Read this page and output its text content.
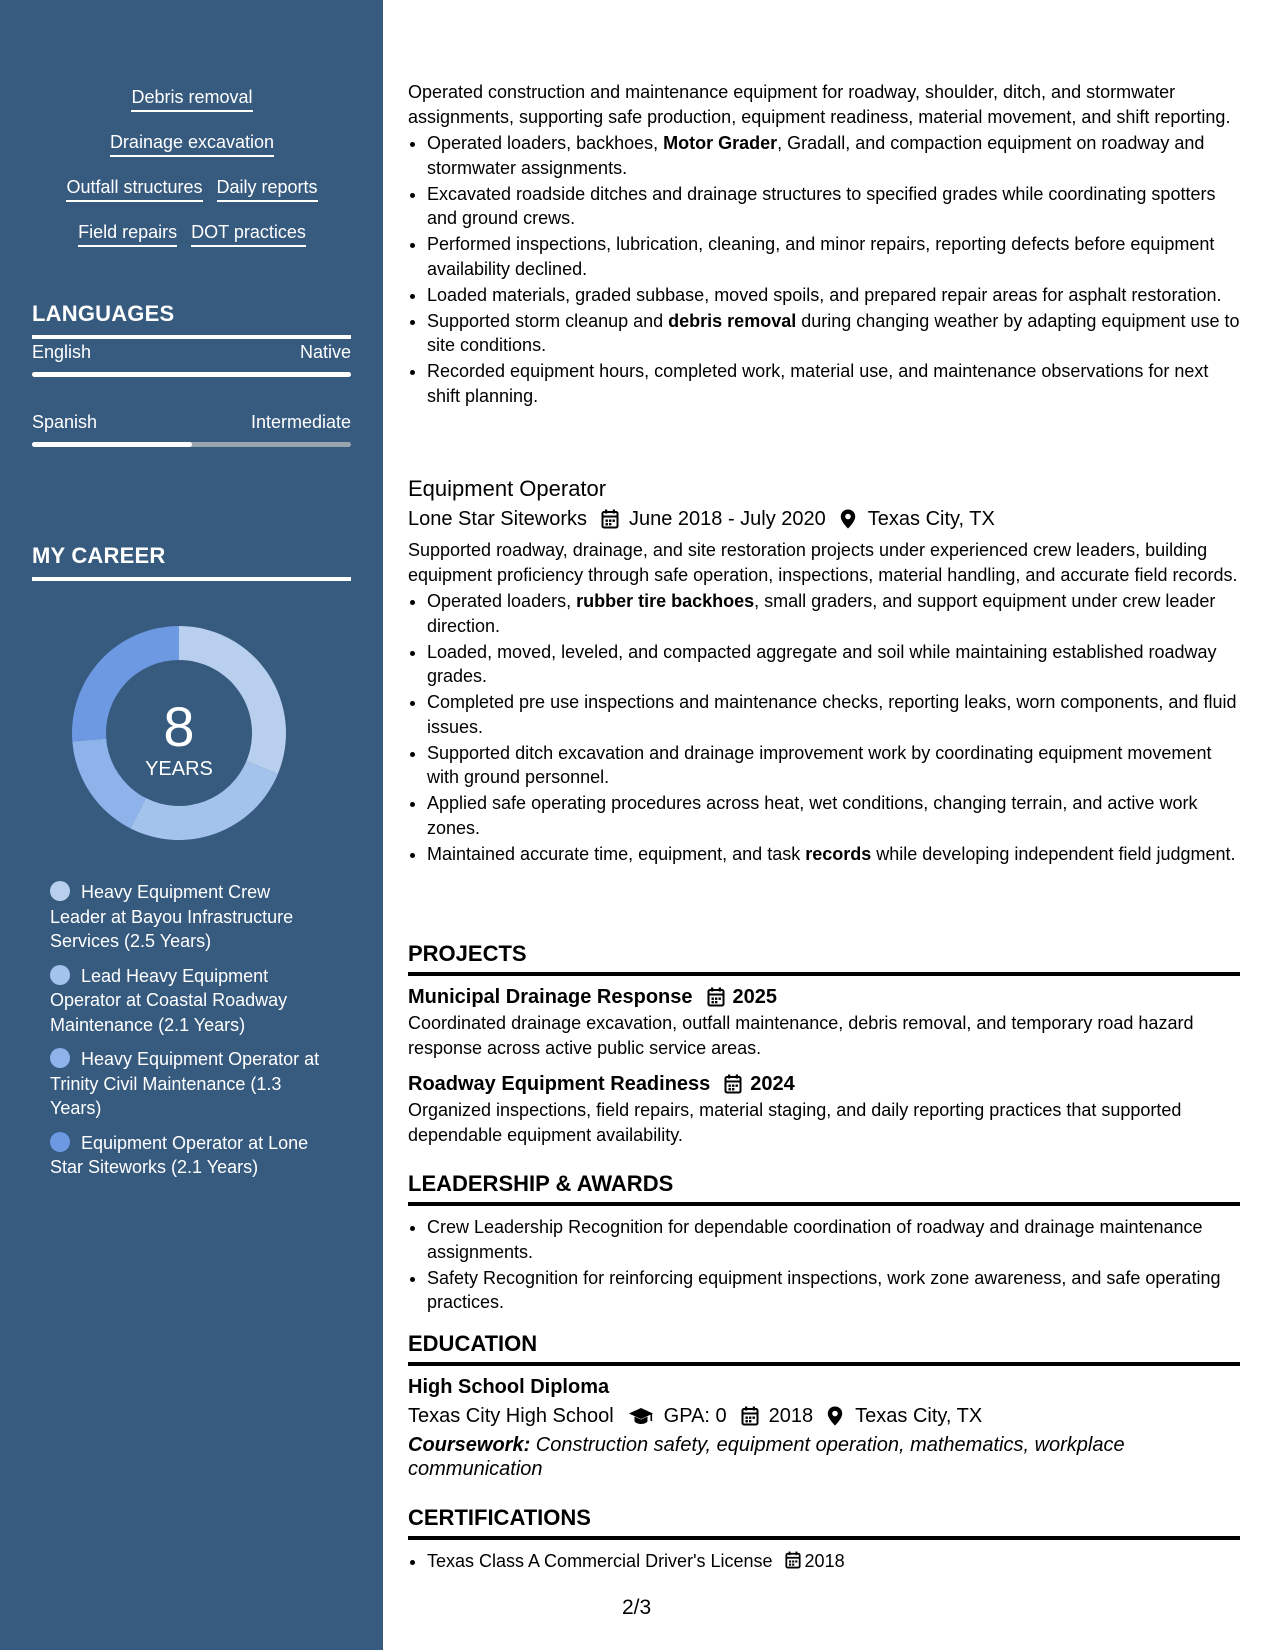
Debris removal
Drainage excavation
Outfall structures Daily reports
Field repairs DOT practices
LANGUAGES
English	Native
Spanish	Intermediate
MY CAREER
8
YEARS
Heavy Equipment Crew Leader at Bayou Infrastructure Services (2.5 Years)
Lead Heavy Equipment Operator at Coastal Roadway Maintenance (2.1 Years)
Heavy Equipment Operator at Trinity Civil Maintenance (1.3 Years)
Equipment Operator at Lone Star Siteworks (2.1 Years)

Operated construction and maintenance equipment for roadway, shoulder, ditch, and stormwater assignments, supporting safe production, equipment readiness, material movement, and shift reporting.

• Operated loaders, backhoes, Motor Grader, Gradall, and compaction equipment on roadway and stormwater assignments.
• Excavated roadside ditches and drainage structures to specified grades while coordinating spotters and ground crews.
• Performed inspections, lubrication, cleaning, and minor repairs, reporting defects before equipment availability declined.
• Loaded materials, graded subbase, moved spoils, and prepared repair areas for asphalt restoration.
• Supported storm cleanup and debris removal during changing weather by adapting equipment use to site conditions.
• Recorded equipment hours, completed work, material use, and maintenance observations for next shift planning.
Equipment Operator
Lone Star Siteworks June 2018 - July 2020 Texas City, TX

Supported roadway, drainage, and site restoration projects under experienced crew leaders, building equipment proficiency through safe operation, inspections, material handling, and accurate field records.

• Operated loaders, rubber tire backhoes, small graders, and support equipment under crew leader direction.
• Loaded, moved, leveled, and compacted aggregate and soil while maintaining established roadway grades.
• Completed pre use inspections and maintenance checks, reporting leaks, worn components, and fluid issues.
• Supported ditch excavation and drainage improvement work by coordinating equipment movement with ground personnel.
• Applied safe operating procedures across heat, wet conditions, changing terrain, and active work zones.
• Maintained accurate time, equipment, and task records while developing independent field judgment.
PROJECTS
Municipal Drainage Response 2025

Coordinated drainage excavation, outfall maintenance, debris removal, and temporary road hazard response across active public service areas.

Roadway Equipment Readiness 2024

Organized inspections, field repairs, material staging, and daily reporting practices that supported dependable equipment availability.

LEADERSHIP & AWARDS
• Crew Leadership Recognition for dependable coordination of roadway and drainage maintenance assignments.
• Safety Recognition for reinforcing equipment inspections, work zone awareness, and safe operating practices.
EDUCATION
High School Diploma
Texas City High School	GPA: 0 2018 Texas City, TX
Coursework: Construction safety, equipment operation, mathematics, workplace communication
CERTIFICATIONS
• Texas Class A Commercial Driver's License 2018
2/3
